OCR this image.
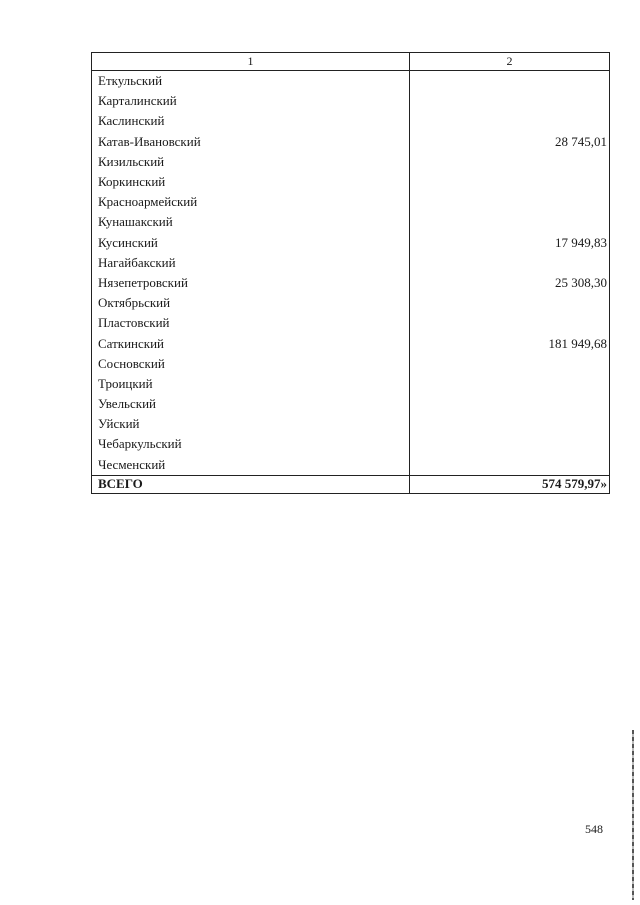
1	2
Еткульский	
Карталинский	
Каслинский	
Катав-Ивановский	28 745,01
Кизильский	
Коркинский	
Красноармейский	
Кунашакский	
Кусинский	17 949,83
Нагайбакский	
Нязепетровский	25 308,30
Октябрьский	
Пластовский	
Саткинский	181 949,68
Сосновский	
Троицкий	
Увельский	
Уйский	
Чебаркульский	
Чесменский	
ВСЕГО	574 579,97»
548
